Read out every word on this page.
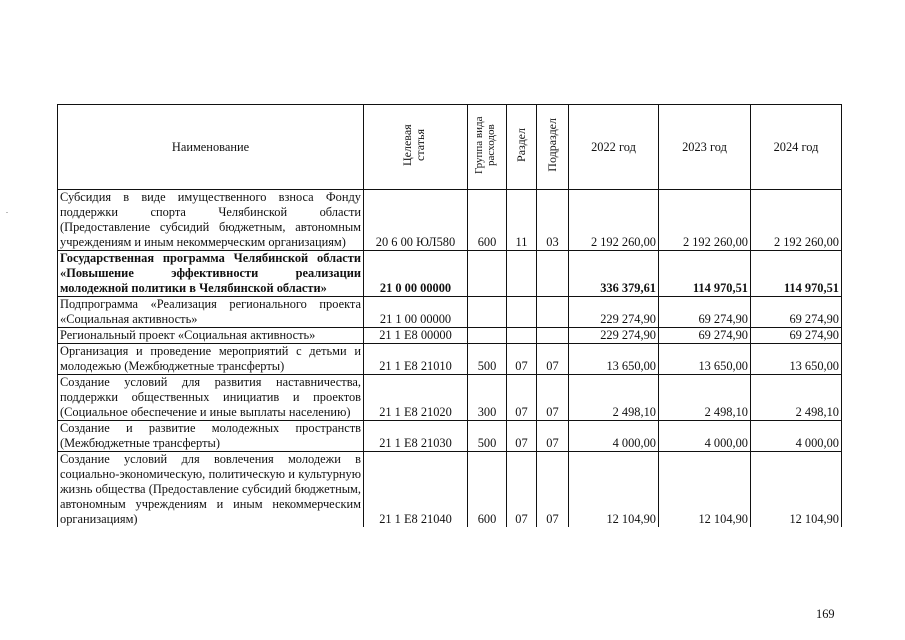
Наименование	Целевая статья	Группа вида расходов	Раздел	Подраздел	2022 год	2023 год	2024 год
Субсидия в виде имущественного взноса Фонду поддержки спорта Челябинской области (Предоставление субсидий бюджетным, автономным учреждениям и иным некоммерческим организациям)	20 6 00 ЮЛ580	600	11	03	2 192 260,00	2 192 260,00	2 192 260,00
Государственная программа Челябинской области «Повышение эффективности реализации молодежной политики в Челябинской области»	21 0 00 00000				336 379,61	114 970,51	114 970,51
Подпрограмма «Реализация регионального проекта «Социальная активность»	21 1 00 00000				229 274,90	69 274,90	69 274,90
Региональный проект «Социальная активность»	21 1 E8 00000				229 274,90	69 274,90	69 274,90
Организация и проведение мероприятий с детьми и молодежью (Межбюджетные трансферты)	21 1 E8 21010	500	07	07	13 650,00	13 650,00	13 650,00
Создание условий для развития наставничества, поддержки общественных инициатив и проектов (Социальное обеспечение и иные выплаты населению)	21 1 E8 21020	300	07	07	2 498,10	2 498,10	2 498,10
Создание и развитие молодежных пространств (Межбюджетные трансферты)	21 1 E8 21030	500	07	07	4 000,00	4 000,00	4 000,00
Создание условий для вовлечения молодежи в социально-экономическую, политическую и культурную жизнь общества (Предоставление субсидий бюджетным, автономным учреждениям и иным некоммерческим организациям)	21 1 E8 21040	600	07	07	12 104,90	12 104,90	12 104,90
169
